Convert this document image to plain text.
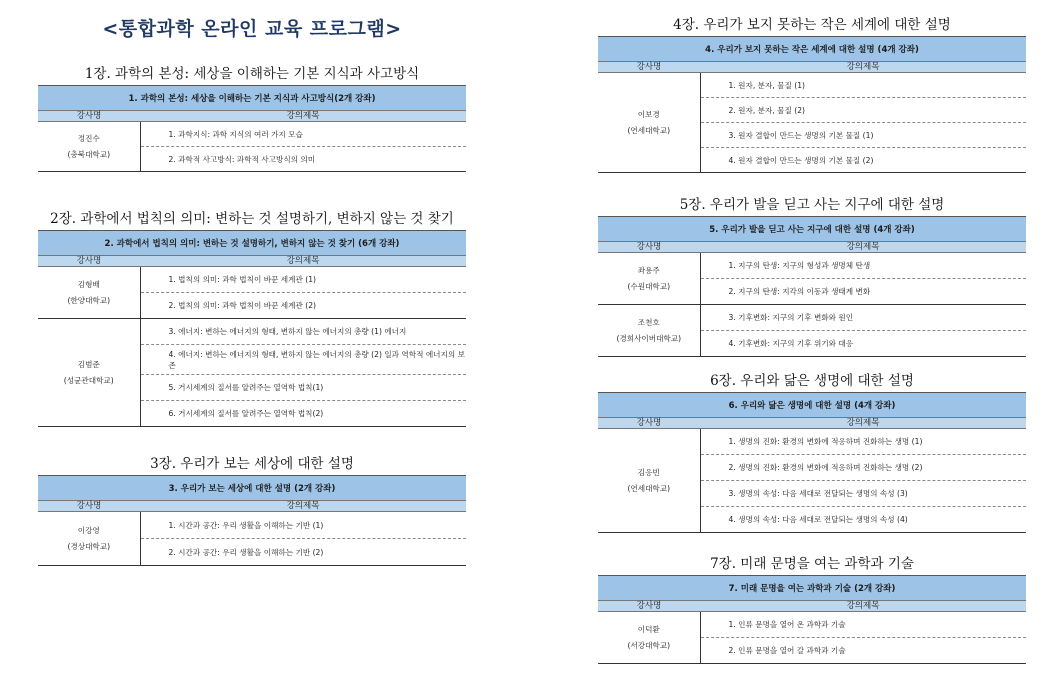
<통합과학 온라인 교육 프로그램>
1장. 과학의 본성: 세상을 이해하는 기본 지식과 사고방식
1. 과학의 본성: 세상을 이해하는 기본 지식과 사고방식(2개 강좌)	
강사명	강의제목
정진수
(충북대학교)	1. 과학지식: 과학 지식의 여러 가지 모습

	2. 과학적 사고방식: 과학적 사고방식의 의미
2장. 과학에서 법칙의 의미: 변하는 것 설명하기, 변하지 않는 것 찾기
2. 과학에서 법칙의 의미: 변하는 것 설명하기, 변하지 않는 것 찾기 (6개 강좌)	
강사명	강의제목
김형배
(한양대학교)	1. 법칙의 의미: 과학 법칙이 바꾼 세계관 (1)

	2. 법칙의 의미: 과학 법칙이 바꾼 세계관 (2)

김범준
(성균관대학교)	3. 에너지: 변하는 에너지의 형태, 변하지 않는 에너지의 총량 (1) 에너지

	4. 에너지: 변하는 에너지의 형태, 변하지 않는 에너지의 총량 (2) 일과 역학적 에너지의 보존

	5. 거시세계의 질서를 알려주는 열역학 법칙(1)

	6. 거시세계의 질서를 알려주는 열역학 법칙(2)
3장. 우리가 보는 세상에 대한 설명
3. 우리가 보는 세상에 대한 설명 (2개 강좌)	
강사명	강의제목
이강영
(경상대학교)	1. 시간과 공간: 우리 생활을 이해하는 기반 (1)

	2. 시간과 공간: 우리 생활을 이해하는 기반 (2)
4장. 우리가 보지 못하는 작은 세계에 대한 설명
4. 우리가 보지 못하는 작은 세계에 대한 설명 (4개 강좌)	
강사명	강의제목
이보경
(연세대학교)	1. 원자, 분자, 물질 (1)

	2. 원자, 분자, 물질 (2)

	3. 원자 결합이 만드는 생명의 기본 물질 (1)

	4. 원자 결합이 만드는 생명의 기본 물질 (2)
5장. 우리가 발을 딛고 사는 지구에 대한 설명
5. 우리가 발을 딛고 사는 지구에 대한 설명 (4개 강좌)	
강사명	강의제목
좌용주
(수원대학교)	1. 지구의 탄생: 지구의 형성과 생명체 탄생

	2. 지구의 탄생: 지각의 이동과 생태계 변화

조천호
(경희사이버대학교)	3. 기후변화: 지구의 기후 변화와 원인

	4. 기후변화: 지구의 기후 위기와 대응
6장. 우리와 닮은 생명에 대한 설명
6. 우리와 닮은 생명에 대한 설명 (4개 강좌)	
강사명	강의제목
김응빈
(연세대학교)	1. 생명의 진화: 환경의 변화에 적응하며 진화하는 생명 (1)

	2. 생명의 진화: 환경의 변화에 적응하며 진화하는 생명 (2)

	3. 생명의 속성: 다음 세대로 전달되는 생명의 속성 (3)

	4. 생명의 속성: 다음 세대로 전달되는 생명의 속성 (4)
7장. 미래 문명을 여는 과학과 기술
7. 미래 문명을 여는 과학과 기술 (2개 강좌)	
강사명	강의제목
이덕환
(서강대학교)	1. 인류 문명을 열어 온 과학과 기술

	2. 인류 문명을 열어 갈 과학과 기술
